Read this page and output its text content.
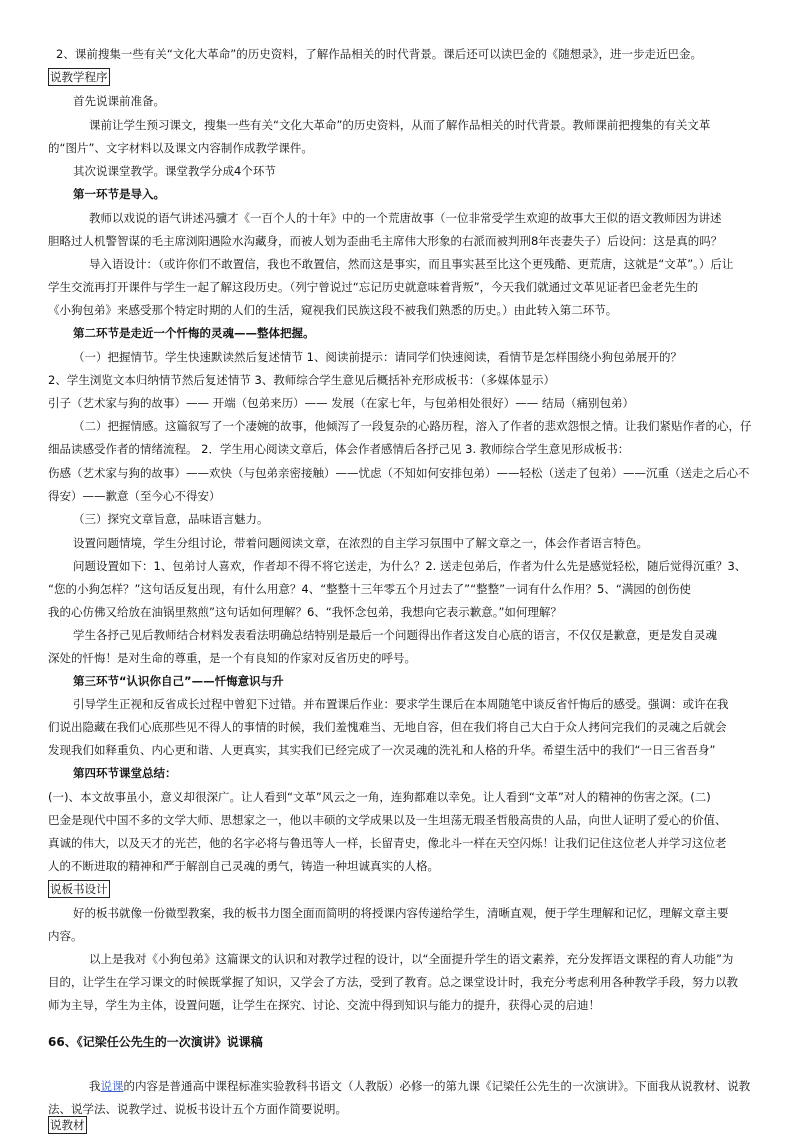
2、课前搜集一些有关“文化大革命”的历史资料，了解作品相关的时代背景。课后还可以读巴金的《随想录》，进一步走近巴金。
说教学程序
首先说课前准备。
课前让学生预习课文，搜集一些有关“文化大革命”的历史资料，从而了解作品相关的时代背景。教师课前把搜集的有关文革
的“图片”、文字材料以及课文内容制作成教学课件。
其次说课堂教学。课堂教学分成4个环节
第一环节是导入。
教师以戏说的语气讲述冯骥才《一百个人的十年》中的一个荒唐故事（一位非常受学生欢迎的故事大王似的语文教师因为讲述
胆略过人机警智谋的毛主席浏阳遇险水沟藏身，而被人划为歪曲毛主席伟大形象的右派而被判刑8年丧妻失子）后设问：这是真的吗？
导入语设计：（或许你们不敢置信，我也不敢置信，然而这是事实，而且事实甚至比这个更残酷、更荒唐，这就是“文革”。）后让
学生交流再打开课件与学生一起了解这段历史。（列宁曾说过“忘记历史就意味着背叛”，今天我们就通过文革见证者巴金老先生的
《小狗包弟》来感受那个特定时期的人们的生活，窥视我们民族这段不被我们熟悉的历史。）由此转入第二环节。
第二环节是走近一个忏悔的灵魂——整体把握。
（一）把握情节。学生快速默读然后复述情节 1、阅读前提示：请同学们快速阅读，看情节是怎样围绕小狗包弟展开的？
2、学生浏览文本归纳情节然后复述情节 3、教师综合学生意见后概括补充形成板书：（多媒体显示）
引子（艺术家与狗的故事）—— 开端（包弟来历）—— 发展（在家七年，与包弟相处很好）—— 结局（痛别包弟）
（二）把握情感。这篇叙写了一个凄婉的故事，他倾泻了一段复杂的心路历程，溶入了作者的悲欢怨恨之情。让我们紧贴作者的心，仔
细品读感受作者的情绪流程。 2．学生用心阅读文章后，体会作者感情后各抒己见 3. 教师综合学生意见形成板书：
伤感（艺术家与狗的故事）——欢快（与包弟亲密接触）——忧虑（不知如何安排包弟）——轻松（送走了包弟）——沉重（送走之后心不
得安）——歉意（至今心不得安）
（三）探究文章旨意，品味语言魅力。
设置问题情境，学生分组讨论，带着问题阅读文章，在浓烈的自主学习氛围中了解文章之一，体会作者语言特色。
问题设置如下：1、包弟讨人喜欢，作者却不得不将它送走，为什么？2. 送走包弟后，作者为什么先是感觉轻松，随后觉得沉重？3、
“您的小狗怎样？”这句话反复出现，有什么用意？4、“整整十三年零五个月过去了”“整整”一词有什么作用？5、“满园的创伤使
我的心仿佛又给放在油锅里熬煎”这句话如何理解？6、“我怀念包弟，我想向它表示歉意。”如何理解？
学生各抒己见后教师结合材料发表看法明确总结特别是最后一个问题得出作者这发自心底的语言，不仅仅是歉意，更是发自灵魂
深处的忏悔！是对生命的尊重，是一个有良知的作家对反省历史的呼号。
第三环节“认识你自己”——忏悔意识与升
引导学生正视和反省成长过程中曾犯下过错。并布置课后作业：要求学生课后在本周随笔中谈反省忏悔后的感受。强调：或许在我
们说出隐藏在我们心底那些见不得人的事情的时候，我们羞愧难当、无地自容，但在我们将自己大白于众人拷问完我们的灵魂之后就会
发现我们如释重负、内心更和谐、人更真实，其实我们已经完成了一次灵魂的洗礼和人格的升华。希望生活中的我们“一日三省吾身”
第四环节课堂总结：
(一)、本文故事虽小，意义却很深广。让人看到“文革”风云之一角，连狗都难以幸免。让人看到“文革”对人的精神的伤害之深。(二)
巴金是现代中国不多的文学大师、思想家之一，他以丰硕的文学成果以及一生坦荡无瑕圣哲般高贵的人品，向世人证明了爱心的价值、
真诚的伟大，以及天才的光芒，他的名字必将与鲁迅等人一样，长留青史，像北斗一样在天空闪烁！让我们记住这位老人并学习这位老
人的不断进取的精神和严于解剖自己灵魂的勇气，铸造一种坦诚真实的人格。
说板书设计
好的板书就像一份微型教案，我的板书力图全面而简明的将授课内容传递给学生，清晰直观，便于学生理解和记忆，理解文章主要
内容。
以上是我对《小狗包弟》这篇课文的认识和对教学过程的设计，以“全面提升学生的语文素养，充分发挥语文课程的育人功能”为
目的，让学生在学习课文的时候既掌握了知识，又学会了方法，受到了教育。总之课堂设计时，我充分考虑利用各种教学手段，努力以教
师为主导，学生为主体，设置问题，让学生在探究、讨论、交流中得到知识与能力的提升，获得心灵的启迪！
66、《记梁任公先生的一次演讲》说课稿
我说课的内容是普通高中课程标准实验教科书语文（人教版）必修一的第九课《记梁任公先生的一次演讲》。下面我从说教材、说教
法、说学法、说教学过、说板书设计五个方面作简要说明。
说教材
